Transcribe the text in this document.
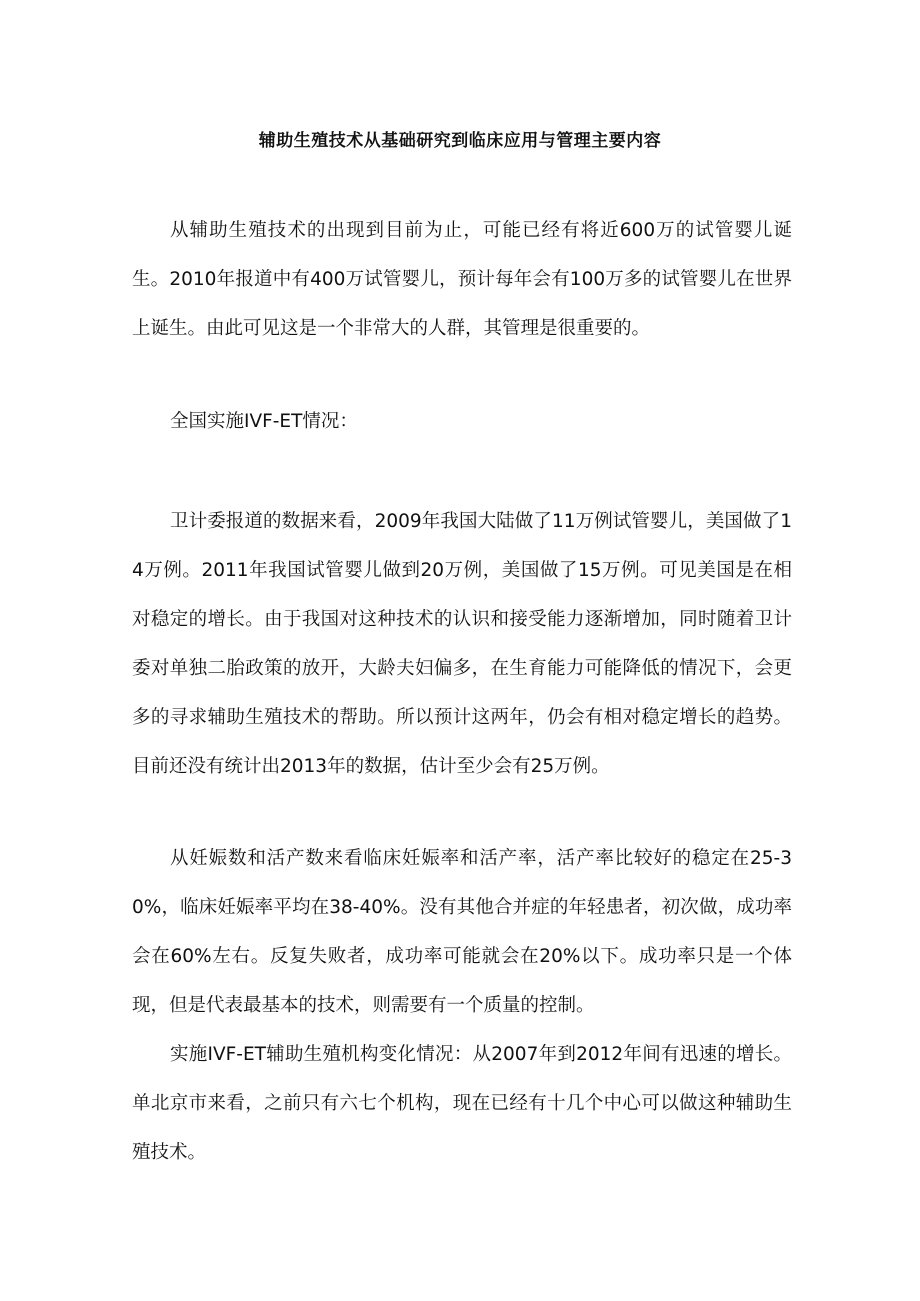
辅助生殖技术从基础研究到临床应用与管理主要内容

从辅助生殖技术的出现到目前为止，可能已经有将近600万的试管婴儿诞生。2010年报道中有400万试管婴儿，预计每年会有100万多的试管婴儿在世界上诞生。由此可见这是一个非常大的人群，其管理是很重要的。

全国实施IVF-ET情况：

卫计委报道的数据来看，2009年我国大陆做了11万例试管婴儿，美国做了14万例。2011年我国试管婴儿做到20万例，美国做了15万例。可见美国是在相对稳定的增长。由于我国对这种技术的认识和接受能力逐渐增加，同时随着卫计委对单独二胎政策的放开，大龄夫妇偏多，在生育能力可能降低的情况下，会更多的寻求辅助生殖技术的帮助。所以预计这两年，仍会有相对稳定增长的趋势。目前还没有统计出2013年的数据，估计至少会有25万例。

从妊娠数和活产数来看临床妊娠率和活产率，活产率比较好的稳定在25-30%，临床妊娠率平均在38-40%。没有其他合并症的年轻患者，初次做，成功率会在60%左右。反复失败者，成功率可能就会在20%以下。成功率只是一个体现，但是代表最基本的技术，则需要有一个质量的控制。

实施IVF-ET辅助生殖机构变化情况：从2007年到2012年间有迅速的增长。单北京市来看，之前只有六七个机构，现在已经有十几个中心可以做这种辅助生殖技术。
